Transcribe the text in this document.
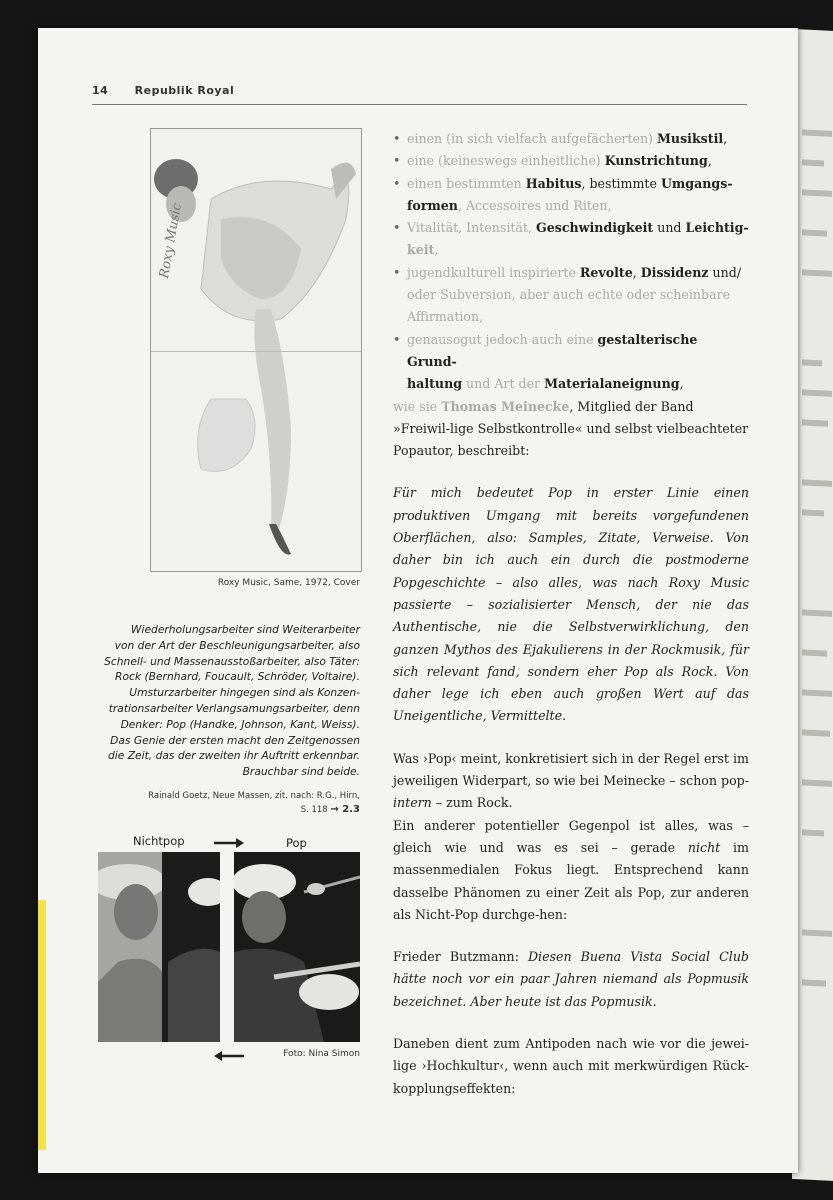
14 Republik Royal
Roxy Music
Roxy Music, Same, 1972, Cover
Wiederholungsarbeiter sind Weiterarbeiter
von der Art der Beschleunigungsarbeiter, also
Schnell- und Massenausstoßarbeiter, also Täter:
Rock (Bernhard, Foucault, Schröder, Voltaire).
Umsturzarbeiter hingegen sind als Konzen-
trationsarbeiter Verlangsamungsarbeiter, denn
Denker: Pop (Handke, Johnson, Kant, Weiss).
Das Genie der ersten macht den Zeitgenossen
die Zeit, das der zweiten ihr Auftritt erkennbar.
Brauchbar sind beide.
Rainald Goetz, Neue Massen, zit. nach: R.G., Hirn,
S. 118 → 2.3
Nichtpop	Pop
Foto: Nina Simon
• einen (in sich vielfach aufgefächerten) Musikstil,
• eine (keineswegs einheitliche) Kunstrichtung,
• einen bestimmten Habitus, bestimmte Umgangs-
formen, Accessoires und Riten,
• Vitalität, Intensität, Geschwindigkeit und Leichtig-
keit,
• jugendkulturell inspirierte Revolte, Dissidenz und/
oder Subversion, aber auch echte oder scheinbare Affirmation,
• genausogut jedoch auch eine gestalterische Grund-
haltung und Art der Materialaneignung,

wie sie Thomas Meinecke, Mitglied der Band »Freiwil-lige Selbstkontrolle« und selbst vielbeachteter Popautor, beschreibt:

Für mich bedeutet Pop in erster Linie einen produktiven Umgang mit bereits vorgefundenen Oberflächen, also: Samples, Zitate, Verweise. Von daher bin ich auch ein durch die postmoderne Popgeschichte – also alles, was nach Roxy Music passierte – sozialisierter Mensch, der nie das Authentische, nie die Selbstverwirklichung, den ganzen Mythos des Ejakulierens in der Rockmusik, für sich relevant fand, sondern eher Pop als Rock. Von daher lege ich eben auch großen Wert auf das Uneigentliche, Vermittelte.

Was ›Pop‹ meint, konkretisiert sich in der Regel erst im jeweiligen Widerpart, so wie bei Meinecke – schon pop-intern – zum Rock.

Ein anderer potentieller Gegenpol ist alles, was – gleich wie und was es sei – gerade nicht im massenmedialen Fokus liegt. Entsprechend kann dasselbe Phänomen zu einer Zeit als Pop, zur anderen als Nicht-Pop durchge-hen:

Frieder Butzmann: Diesen Buena Vista Social Club hätte noch vor ein paar Jahren niemand als Popmusik bezeichnet. Aber heute ist das Popmusik.

Daneben dient zum Antipoden nach wie vor die jewei-lige ›Hochkultur‹, wenn auch mit merkwürdigen Rück-kopplungseffekten:
